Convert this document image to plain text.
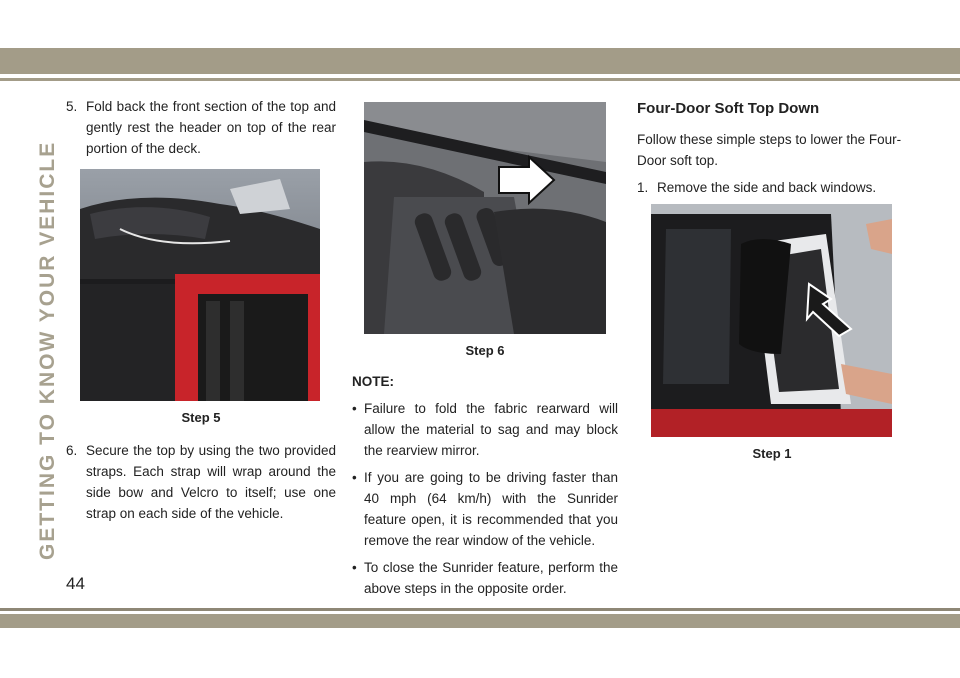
GETTING TO KNOW YOUR VEHICLE
5. Fold back the front section of the top and gently rest the header on top of the rear portion of the deck.
Step 5
6. Secure the top by using the two provided straps. Each strap will wrap around the side bow and Velcro to itself; use one strap on each side of the vehicle.
Step 6
NOTE:
• Failure to fold the fabric rearward will allow the material to sag and may block the rearview mirror.
• If you are going to be driving faster than 40 mph (64 km/h) with the Sunrider feature open, it is recommended that you remove the rear window of the vehicle.
• To close the Sunrider feature, perform the above steps in the opposite order.
Four-Door Soft Top Down
Follow these simple steps to lower the Four-Door soft top.
1. Remove the side and back windows.
Step 1
44
